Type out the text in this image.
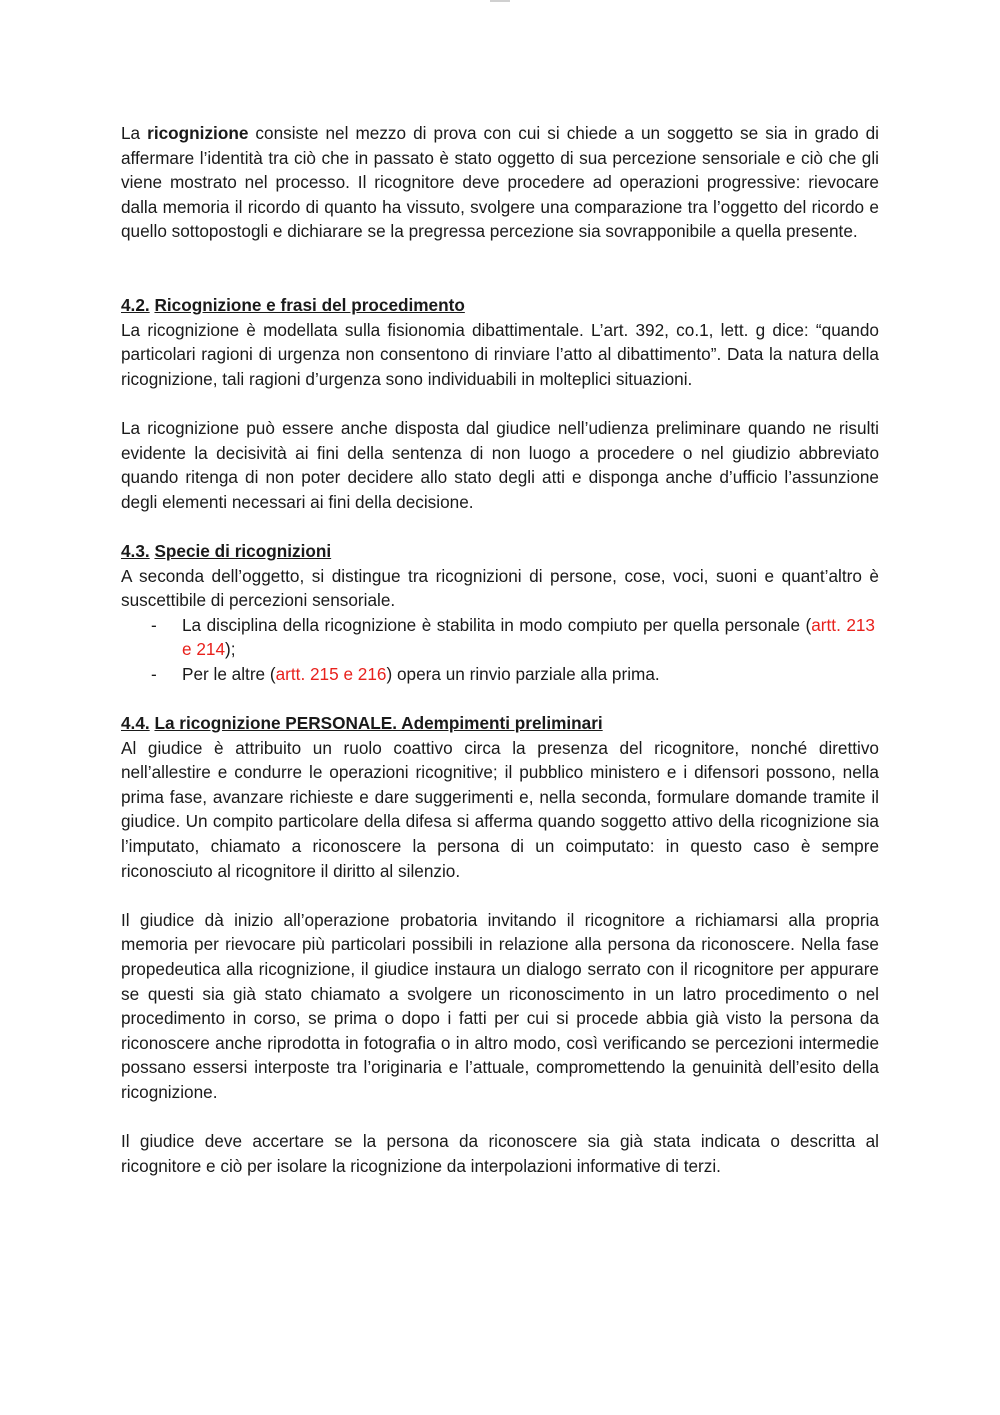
La ricognizione consiste nel mezzo di prova con cui si chiede a un soggetto se sia in grado di affermare l’identità tra ciò che in passato è stato oggetto di sua percezione sensoriale e ciò che gli viene mostrato nel processo. Il ricognitore deve procedere ad operazioni progressive: rievocare dalla memoria il ricordo di quanto ha vissuto, svolgere una comparazione tra l’oggetto del ricordo e quello sottopostogli e dichiarare se la pregressa percezione sia sovrapponibile a quella presente.

4.2. Ricognizione e frasi del procedimento

La ricognizione è modellata sulla fisionomia dibattimentale. L’art. 392, co.1, lett. g dice: “quando particolari ragioni di urgenza non consentono di rinviare l’atto al dibattimento”. Data la natura della ricognizione, tali ragioni d’urgenza sono individuabili in molteplici situazioni.

La ricognizione può essere anche disposta dal giudice nell’udienza preliminare quando ne risulti evidente la decisività ai fini della sentenza di non luogo a procedere o nel giudizio abbreviato quando ritenga di non poter decidere allo stato degli atti e disponga anche d’ufficio l’assunzione degli elementi necessari ai fini della decisione.

4.3. Specie di ricognizioni

A seconda dell’oggetto, si distingue tra ricognizioni di persone, cose, voci, suoni e quant’altro è suscettibile di percezioni sensoriale.

- La disciplina della ricognizione è stabilita in modo compiuto per quella personale (artt. 213 e 214);
- Per le altre (artt. 215 e 216) opera un rinvio parziale alla prima.

4.4. La ricognizione PERSONALE. Adempimenti preliminari

Al giudice è attribuito un ruolo coattivo circa la presenza del ricognitore, nonché direttivo nell’allestire e condurre le operazioni ricognitive; il pubblico ministero e i difensori possono, nella prima fase, avanzare richieste e dare suggerimenti e, nella seconda, formulare domande tramite il giudice. Un compito particolare della difesa si afferma quando soggetto attivo della ricognizione sia l’imputato, chiamato a riconoscere la persona di un coimputato: in questo caso è sempre riconosciuto al ricognitore il diritto al silenzio.

Il giudice dà inizio all’operazione probatoria invitando il ricognitore a richiamarsi alla propria memoria per rievocare più particolari possibili in relazione alla persona da riconoscere. Nella fase propedeutica alla ricognizione, il giudice instaura un dialogo serrato con il ricognitore per appurare se questi sia già stato chiamato a svolgere un riconoscimento in un latro procedimento o nel procedimento in corso, se prima o dopo i fatti per cui si procede abbia già visto la persona da riconoscere anche riprodotta in fotografia o in altro modo, così verificando se percezioni intermedie possano essersi interposte tra l’originaria e l’attuale, compromettendo la genuinità dell’esito della ricognizione.

Il giudice deve accertare se la persona da riconoscere sia già stata indicata o descritta al ricognitore e ciò per isolare la ricognizione da interpolazioni informative di terzi.
